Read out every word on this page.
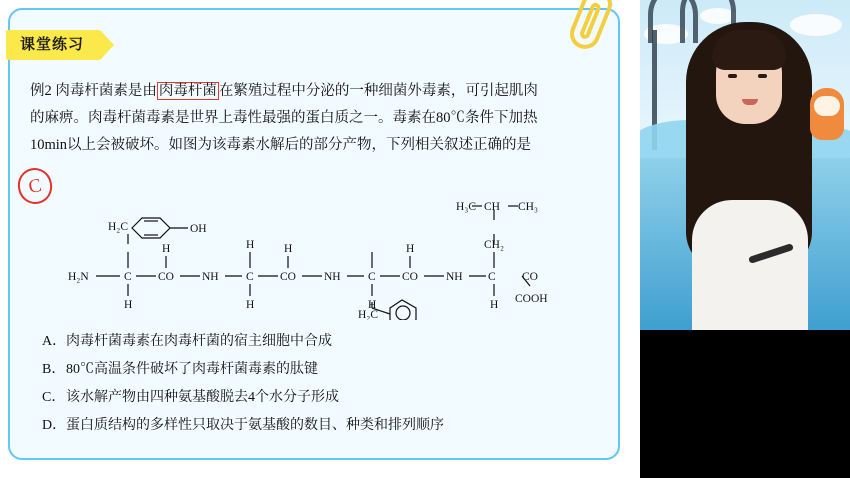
课堂练习
例2 肉毒杆菌素是由 肉毒杆菌 在繁殖过程中分泌的一种细菌外毒素，可引起肌肉
的麻痹。肉毒杆菌毒素是世界上毒性最强的蛋白质之一。毒素在80℃条件下加热
10min以上会被破坏。如图为该毒素水解后的部分产物，下列相关叙述正确的是
C
H₂N	C CO NH C CO NH C CO NH C CO
H	H	H	H
H	H	H
H
H₂C	OH
H₂C
H₃C CH CH₃
CH₂
COOH
A．肉毒杆菌毒素在肉毒杆菌的宿主细胞中合成
B．80℃高温条件破坏了肉毒杆菌毒素的肽键
C．该水解产物由四种氨基酸脱去4个水分子形成
D．蛋白质结构的多样性只取决于氨基酸的数目、种类和排列顺序
